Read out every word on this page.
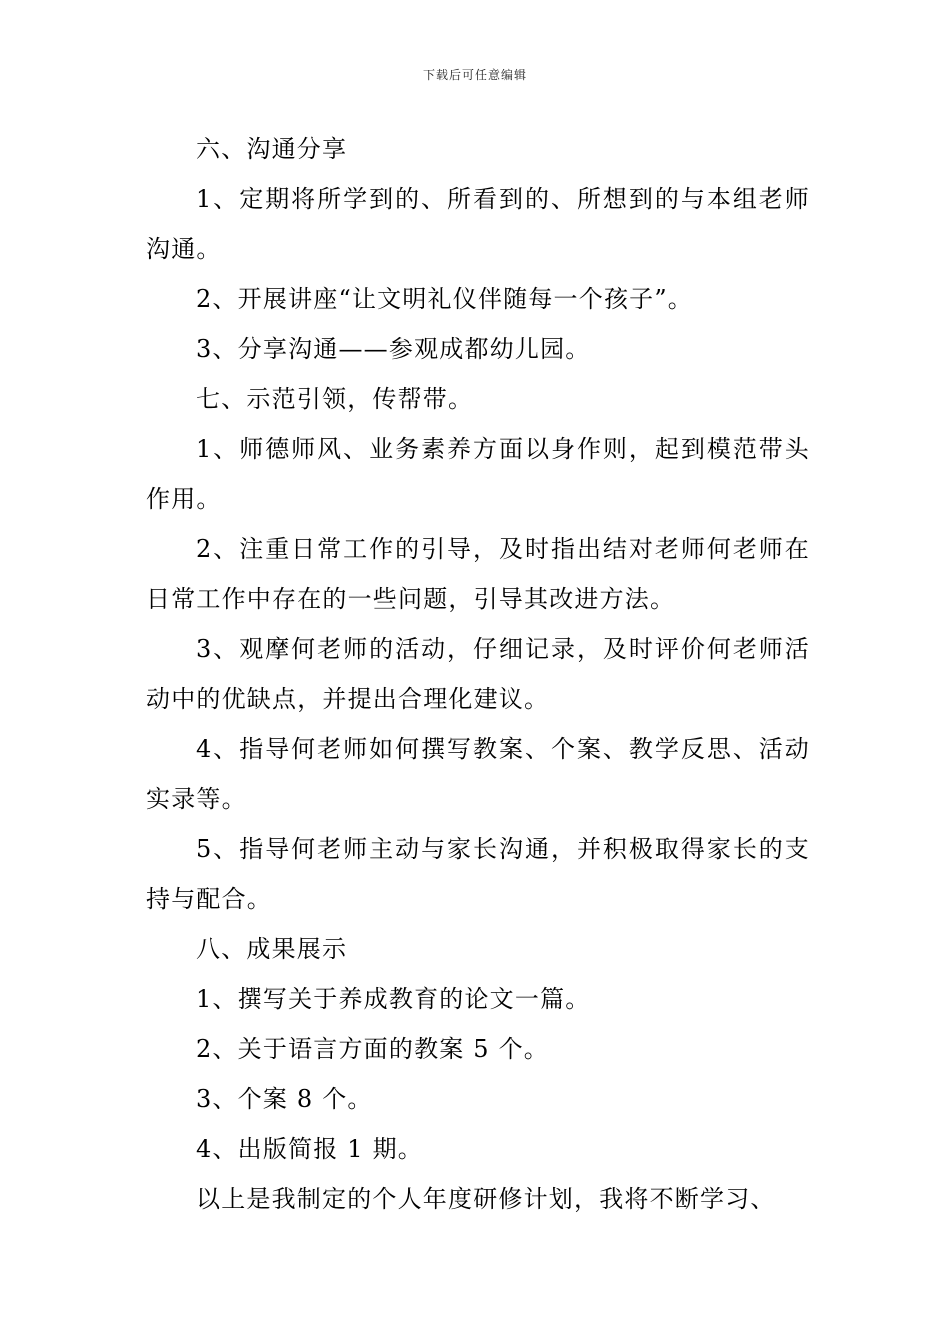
下载后可任意编辑

六、沟通分享

1、定期将所学到的、所看到的、所想到的与本组老师沟通。

2、开展讲座“让文明礼仪伴随每一个孩子”。

3、分享沟通——参观成都幼儿园。

七、示范引领，传帮带。

1、师德师风、业务素养方面以身作则，起到模范带头作用。

2、注重日常工作的引导，及时指出结对老师何老师在日常工作中存在的一些问题，引导其改进方法。

3、观摩何老师的活动，仔细记录，及时评价何老师活动中的优缺点，并提出合理化建议。

4、指导何老师如何撰写教案、个案、教学反思、活动实录等。

5、指导何老师主动与家长沟通，并积极取得家长的支持与配合。

八、成果展示

1、撰写关于养成教育的论文一篇。

2、关于语言方面的教案 5 个。

3、个案 8 个。

4、出版简报 1 期。

以上是我制定的个人年度研修计划，我将不断学习、
